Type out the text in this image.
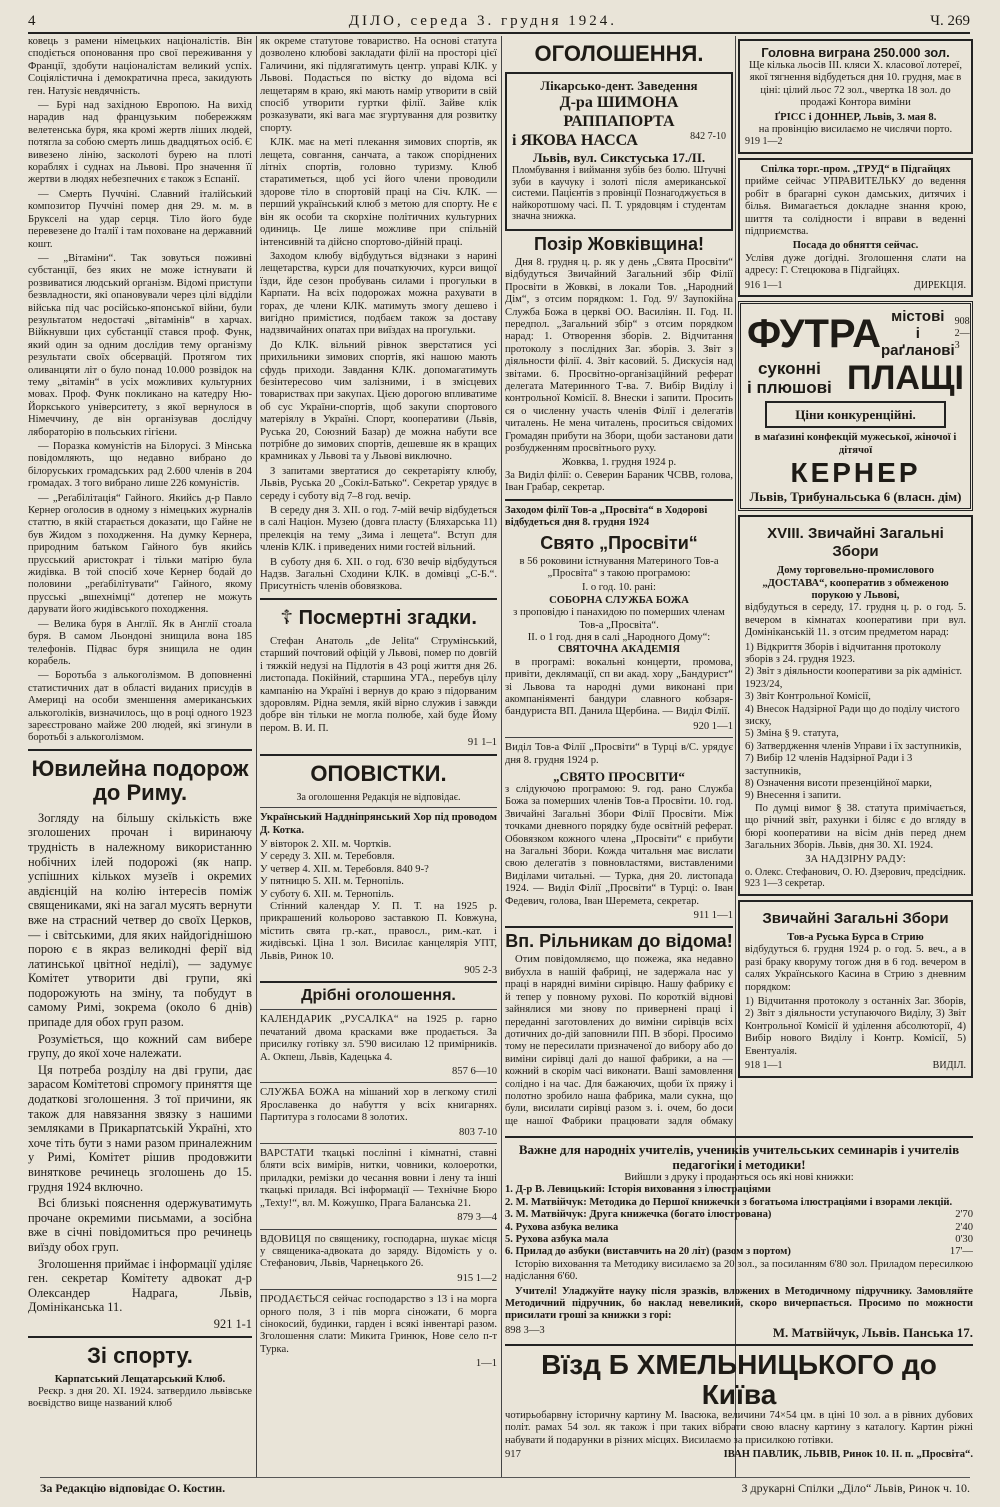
4	ДІЛО, середа 3. грудня 1924.	Ч. 269

ковець з рамени німецьких націоналістів. Він сподіється опоновання про свої переживання у Франції, здобути націоналістам великий успіх. Соціялістична і демократична преса, закидують ген. Натузіє невдячність.

— Бурі над західною Европою. На вихід нарадив над французьким побережжям велетенська буря, яка кромі жертв ліших людей, потягла за собою смерть лишь двадцятьох осіб. Є вивезено лінію, засколоті бурею на плоті кораблях і суднах на Львові. Про значення її жертви в людях небезпечних є також з Еспанії.

— Смерть Пуччіні. Славний італійський композитор Пуччіні помер дня 29. м. м. в Брукселі на удар серця. Тіло його буде перевезене до Італії і там поховане на державний кошт.

— „Вітаміни“. Так зовуться поживні субстанції, без яких не може істнувати й розвиватися людський організм. Відомі приступи безвладности, які опановували через цілі відділи війська під час російсько-японської війни, були результатом недостачі „вітамінів“ в харчах. Війкнувши цих субстанції стався проф. Функ, який один за одним дослідив тему організму результати своїх обсервацій. Протягом тих оливанцяти літ о було понад 10.000 розвідок на тему „вітамін“ в усіх можливих культурних мовах. Проф. Функ покликано на катедру Ню-Йоркського університету, з якої вернулося в Німеччину, де він організував дослідчу лябораторію в польських гігієни.

— Поразка комуністів на Білорусі. З Мінська повідомляють, що недавно вибрано до білоруських громадських рад 2.600 членів в 204 громадах. З того вибрано лише 226 комуністів.

— „Реґабілітація“ Гайного. Якийсь д-р Павло Кернер оголосив в одному з німецьких журналів статтю, в якій старається доказати, що Гайне не був Жидом з походження. На думку Кернера, природним батьком Гайного був якийсь прусський аристократ і тільки матірю була жидівка. В той спосіб хоче Кернер бодай до половини „реґабілітувати“ Гайного, якому прусськi „вшехнімці“ дотепер не можуть дарувати його жидівського походження.

— Велика буря в Англії. Як в Англії стоала буря. В самом Льондоні знищила вона 185 телефонів. Підвас буря знищила не один корабель.

— Боротьба з алькоголізмом. В доповненні статистичних дат в області виданих присудів в Америці на особи зменшення американських алькоголіків, визначилось, що в році одного 1923 зареєстровано майже 200 людей, які згинули в боротьбі з алькоголізмом.

Ювилейна подорож до Риму.

Зогляду на більшу скількість вже зголошених прочан і виринаючу трудність в належному використанню нобічних ілей подорожі (як напр. успішних кількох музеїв і окремих авдієнцій на колію інтересів поміж священиками, які на загал мусять вернути вже на страсний четвер до своїх Церков, — і світськими, для яких найдогіднішою порою є в якраз великодні ферії від латинської цвітної неділі), — задумує Комітет утворити дві групи, які подорожують на зміну, та побудут в самому Римі, зокрема (около 6 днів) припаде для обох груп разом.

Розуміється, що кожний сам вибере групу, до якої хоче належати.

Ця потреба розділу на дві групи, дає зарасом Комітетові спромогу приняття ще додаткові зголошення. З тої причини, як також для навязання звязку з нашими земляками в Прикарпатській Україні, хто хоче тіть бути з нами разом приналежним у Римі, Комітет рішив продовжити виняткове речинець зголошень до 15. грудня 1924 включно.

Всі близькі пояснення одержуватимуть прочане окремими письмами, а зосібна вже в січні повідомиться про речинець виїзду обох груп.

Зголошення приймає і інформації уділяє ген. секретар Комітету адвокат д-р Олександер Надрага, Львів, Домініканська 11.

921 1-1
Зі спорту.
Карпатський Лещатарський Клюб.

Реєкр. з дня 20. XI. 1924. затвердило львівське воєвідство вище названий клюб

як окреме статутове товариство. На основі статута дозволено клюбові закладати філії на просторі цієї Галичини, які підлягатимуть центр. управі КЛК. у Львові. Подасться по вістку до відома всі лещетарям в краю, які мають намір утворити в свій спосіб утворити гуртки філії. Зайве клік розказувати, які вага має згуртування для розвитку спорту.

КЛК. має на меті плекання зимових спортів, як лещета, совгання, санчата, а також споріднених літніх спортів, головно туризму. Клюб старатиметься, щоб усі його члени проводили здорове тіло в спортовій праці на Січ. КЛК. — перший український клюб з метою для спорту. Не є він як особи та скорхіне політичних культурних одиниць. Це лише можливе при спільній інтенсивній та дійсно спортово-дійній праці.

Заходом клюбу відбудуться відзнаки з нарині лещетарства, курси для початкуючих, курси вищої їзди, йде сезон пробувань силами і прогульки в Карпати. На всіх подорожах можна рахувати в горах, де члени КЛК. матимуть змогу дешево і вигідно примістися, подбаєм також за доставу надзвичайних опатах при виїздах на прогульки.

До КЛК. вільний рівнок зверстатися усі прихильники зимових спортів, які нашою мають сфудь приходи. Завдання КЛК. допомагатимуть безінтересово чим залізними, і в змісцевих товариствах при закупах. Цією дорогою впливатиме об сус України-спортів, щоб закупи спортового матеріялу в Україні. Спорт, кооперативи (Львів, Руська 20, Союзний Базар) де можна набути все потрібне до зимових спортів, дешевше як в кращих крамниках у Львові та у Львові виключно.

З запитами звертатися до секретаріяту клюбу, Львів, Руська 20 „Сокіл-Батько“. Секретар урядує в середу і суботу від 7–8 год. вечір.

В середу дня 3. XII. о год. 7-мій вечір відбудеться в салі Націон. Музею (довга пласту (Бляхарська 11) прелекція на тему „Зима і лещета“. Вступ для членів КЛК. і приведених ними гостей вільний.

В суботу дня 6. XII. о год. 6'30 вечір відбудуться Надзв. Загальні Сходини КЛК. в домівці „С-Б.“. Присутність членів обовязкова.

☦ Посмертні згадки.

Стефан Анатоль „de Jelita“ Струмінський, старший почтовий офіцій у Львові, помер по довгій і тяжкій недузі на Підлотія в 43 році життя дня 26. листопада. Покійний, старшина УГА., перебув цілу кампанію на Україні і вернув до краю з підорваним здоровлям. Рідна земля, якій вірно служив і завжди добре він тільки не могла полюбе, хай буде Йому пером. В. И. П.

91 1–1
ОПОВІСТКИ.
За оголошення Редакція не відповідає.

Український Надднiпрянський Хор під проводом Д. Котка.

У вівторок 2. XII. м. Чортків.
У середу 3. XII. м. Теребовля.
У четвер 4. XII. м. Теребовля. 840 9-?
У пятницю 5. XII. м. Тернопіль.
У суботу 6. XII. м. Тернопіль.

Стінний календар У. П. Т. на 1925 р. прикрашений кольорово заставкою П. Ковжуна, містить свята гр.-кат., правосл., рим.-кат. і жидівські. Ціна 1 зол. Висилає канцелярія УПТ, Львів, Ринок 10.

905 2-3
Дрібні оголошення.

КАЛЕНДАРИК „РУСАЛКА“ на 1925 р. гарно печатаний двома красками вже продається. За присилку готівку зл. 5'90 висилаю 12 примірників. А. Окпеш, Львів, Кадецька 4.

857 6—10

СЛУЖБА БОЖА на мішаний хор в легкому стилі Ярославенка до набуття у всіх книгарнях. Партитура з голосами 8 золотих.

803 7-10

ВАРСТАТИ ткацькі посліпні і кімнатні, ставні бляти всіх вимірів, нитки, човники, колоеротки, приладки, ремізки до чесання вовни і лену та інші ткацькі приладя. Всі інформації — Технічне Бюро „Texty!“, вл. М. Кожушко, Прага Баланська 21.

879 3—4

ВДОВИЦЯ по священику, господарна, шукає місця у священика-адвоката до заряду. Відомість у о. Стефанович, Львів, Чарнецького 26.

915 1—2

ПРОДАЄТЬСЯ сейчас господарство з 13 і на морга орного поля, 3 і пів морга сіножати, 6 морга сінокосий, будинки, гарден і всякі інвентарі разом. Зголошення слати: Микита Гринюк, Нове село п-т Турка.

1—1
ОГОЛОШЕННЯ.
Лікарсько-дент. Заведення
Д-ра ШИМОНА РАППАПОРТА
і ЯКОВА НАССА	842 7-10
Львів, вул. Сикстуська 17./II.

Пломбування і виймання зубів без болю. Штучні зуби в каучуку і золоті після американської системи. Пацієнтів з провінції Познагоджується в найкоротшому часі. П. Т. урядовцям і студентам значна знижка.

Позір Жовківщина!

Дня 8. грудня ц. р. як у день „Свята Просвіти“ відбудуться Звичайний Загальний збір Філії Просвіти в Жовкві, в локали Тов. „Народний Дім“, з отсим порядком: 1. Год. 9'/ Заупокійна Служба Божа в церкві ОО. Василіян. II. Год. II. передпол. „Загальний збір“ з отсим порядком нарад: 1. Отворення зборів. 2. Відчитання протоколу з послідних Заг. зборів. 3. Звіт з діяльности філії. 4. Звіт касовий. 5. Дискусія над звітами. 6. Просвітно-організаційний реферат делегата Материнного Т-ва. 7. Вибір Виділу і контрольної Комісії. 8. Внески і запити. Просить ся о численну участь членів Філії і делегатів читалень. Не мена читалень, проситься свідомих Громадян прибути на Збори, щоби застанови дати розбудженням просвітнього руху.

Жовква, 1. грудня 1924 р.

За Виділ філії: о. Северин Бараник ЧСВВ, голова, Іван Грабар, секретар.

Заходом філії Тов-а „Просвіта“ в Ходорові
відбудеться дня 8. грудня 1924
Свято „Просвіти“

в 56 роковини істнування Материного Тов-а „Просвіта“ з такою програмою:

I. о год. 10. ранi:
СОБОРНА СЛУЖБА БОЖА
з проповідю і панахидою по померших членам Тов-а „Просвіта“.
II. о 1 год. дня в салі „Народного Дому“:
СВЯТОЧНА АКАДЕМІЯ

в програмі: вокальні концерти, промова, привіти, деклямації, сп ви акад. хору „Бандурист“ зі Львова та народні думи виконані при акомпаніяменті бандури славного кобзаря-бандуриста ВП. Данила Щербина. — Виділ Філії.

920 1—1

Виділ Тов-а Філії „Просвіти“ в Турці в/С. урядує дня 8. грудня 1924 р.

„СВЯТО ПРОСВІТИ“

з слідуючою програмою: 9. год. рано Служба Божа за померших членів Тов-а Просвіти. 10. год. Звичайні Загальні Збори Філії Просвіти. Між точками дневного порядку буде освітній реферат. Обовязком кожного члена „Просвіти“ є прибути на Загальні Збори. Кожда читальня має вислати свою делегатів з повновластями, виставленими Виділами читальні. — Турка, дня 20. листопада 1924. — Виділ Філії „Просвіти“ в Турці: о. Іван Федевич, голова, Іван Шеремета, секретар.

911 1—1
Вп. Рільникам до відома!

Отим повідомляємо, що пожежа, яка недавно вибухла в нашій фабриці, не задержала нас у праці в нарядні виміни сирівцю. Нашу фабрику є й тепер у повному руховi. По короткій відновi зайнялися ми знову по привернені праці і переданні заготовлених до виміни сирівців всіх дотичних до-дій заповнили ПП. В зборі. Просимо тому не пересилати призначеної до вибору або до виміни сирівці далі до нашої фабрики, а на — кожний в скорім часі виконати. Вашi замовлення солідно і на час. Для бажаючих, щоби їх пряжу і полотно зробило наша фабрика, мали сукна, що були, висилати сирівці разом з. і. очем, бо доси ще нашої Фабрики працювати задля обмаку

Головна виграна 250.000 зол.

Ще кілька льосів III. кляси Х. класової лотереї, якої тягнення відбудеться дня 10. грудня, має в ціні: цілий льос 72 зол., чвертка 18 зол. до продажі Контора виміни

ҐРІСС і ДОННЕР, Львів, 3. мая 8.
на провінцію висилаємо не числячи порто.
919 1—2
Спілка торг.-пром. „ТРУД“ в Підгайцях

приймe сейчас УПРАВИТЕЛЬКУ до ведення робіт в брагарні сукон дамських, дитячих і білья. Вимагається докладне знання крою, шиття та солідности і вправи в веденні підприємства.

Посада до обняття сейчас.

Услівя дуже догідні. Зголошення слати на адресу: Г. Стецюкова в Підгайцях.

916 1—1	ДИРЕКЦІЯ.
ФУТРА мiстові
і раґланові
908 2—3
суконні
і плюшові ПЛАЩІ
Ціни конкуренційні.
в маґазині конфекцій мужеської, жіночої і дітячої
КЕРНЕР
Львів, Трибунальська 6 (власн. дім)
XVIII. Звичайні Загальні Збори
Дому торговельно-промислового „ДОСТАВА“, кооператив з обмеженою порукою у Львові,

відбудуться в середу, 17. грудня ц. р. о год. 5. вечером в кімнатах кооперативи при вул. Домініканській 11. з отсим предметом нарад:

1) Відкриття Зборів і відчитання протоколу зборів з 24. грудня 1923.
2) Звіт з діяльности кооперативи за рік адмініст. 1923/24,
3) Звіт Контрольної Комісії,
4) Внесок Надзірної Ради що до поділу чистого зиску,
5) Зміна § 9. статута,
6) Затвердження членів Управи і їх заступників,
7) Вибір 12 членів Надзірної Ради і 3 заступників,
8) Означення висоти презенційної марки,
9) Внесення і запити.

По думці вимог § 38. статута примічається, що річний звіт, рахунки і біляс є до вгляду в бюрі кооперативи на вісім днів перед днем Загальних Зборів. Львів, дня 30. XI. 1924.

ЗА НАДЗІРНУ РАДУ:
о. Олекс. Стефанович, О. Ю. Дзерович, предсідник. 923 1—3 секретар.
Звичайні Загальні Збори
Тов-а Руська Бурса в Стрию

відбудуться 6. грудня 1924 р. о год. 5. веч., а в разі браку кворуму тогож дня в 6 год. вечером в салях Українського Касина в Стрию з дневним порядком:

1) Відчитання протоколу з останніх Заг. Зборів, 2) Звіт з діяльности уступаючого Виділу, 3) Звіт Контрольної Комісії й уділення абсолюторії, 4) Вибір нового Виділу і Контр. Комісії, 5) Евентуалія.

918 1—1	ВИДІЛ.
Важне для народніх учителів, учеників учительських семинарів і учителів педагогіки і методики!
Вийшли з друку і продаються ось які нові книжки:
1. Д-р В. Левицький: Історія виховання з ілюстраціями
2. М. Матвійчук: Методика до Першої книжечки з богатьома ілюстраціями і взорами лекцій.
3. М. Матвійчук: Друга книжечка (богато ілюстрована)	2'70
4. Рухова азбука велика	2'40
5. Рухова азбука мала	0'30
6. Прилад до азбуки (виставчить на 20 літ) (разом з портом)	17'—

Історію виховання та Методику висилаємо за 20 зол., за посиланням 6'80 зол. Приладом пересилкою надіслання 6'60.

Учителі! Уладжуйте науку після зразків, вложених в Методичному підручнику. Замовляйте Методичний підручник, бо наклад невеликий, скоро вичерпається. Просимо по можности присилати гроші за книжки з горі:

898 3—3	М. Матвійчук, Львів. Панська 17.
Вїзд Б ХМЕЛЬНИЦЬКОГО до Київа

чотирьобарвну історичну картину М. Івасюка, величини 74×54 цм. в ціні 10 зол. а в рівних дубових політ. рамах 54 зол. як також і при таких вібрати свою власну картину з каталогу. Картин ріжні набувати й подарунки в різних місцях. Висилаємо за присилкою готівки.

917	ІВАН ПАВЛИК, ЛЬВІВ, Ринок 10. ІІ. п. „Просвіта“.
За Редакцію відповідає О. Костин.	З друкарні Спілки „Діло“ Львів, Ринок ч. 10.
